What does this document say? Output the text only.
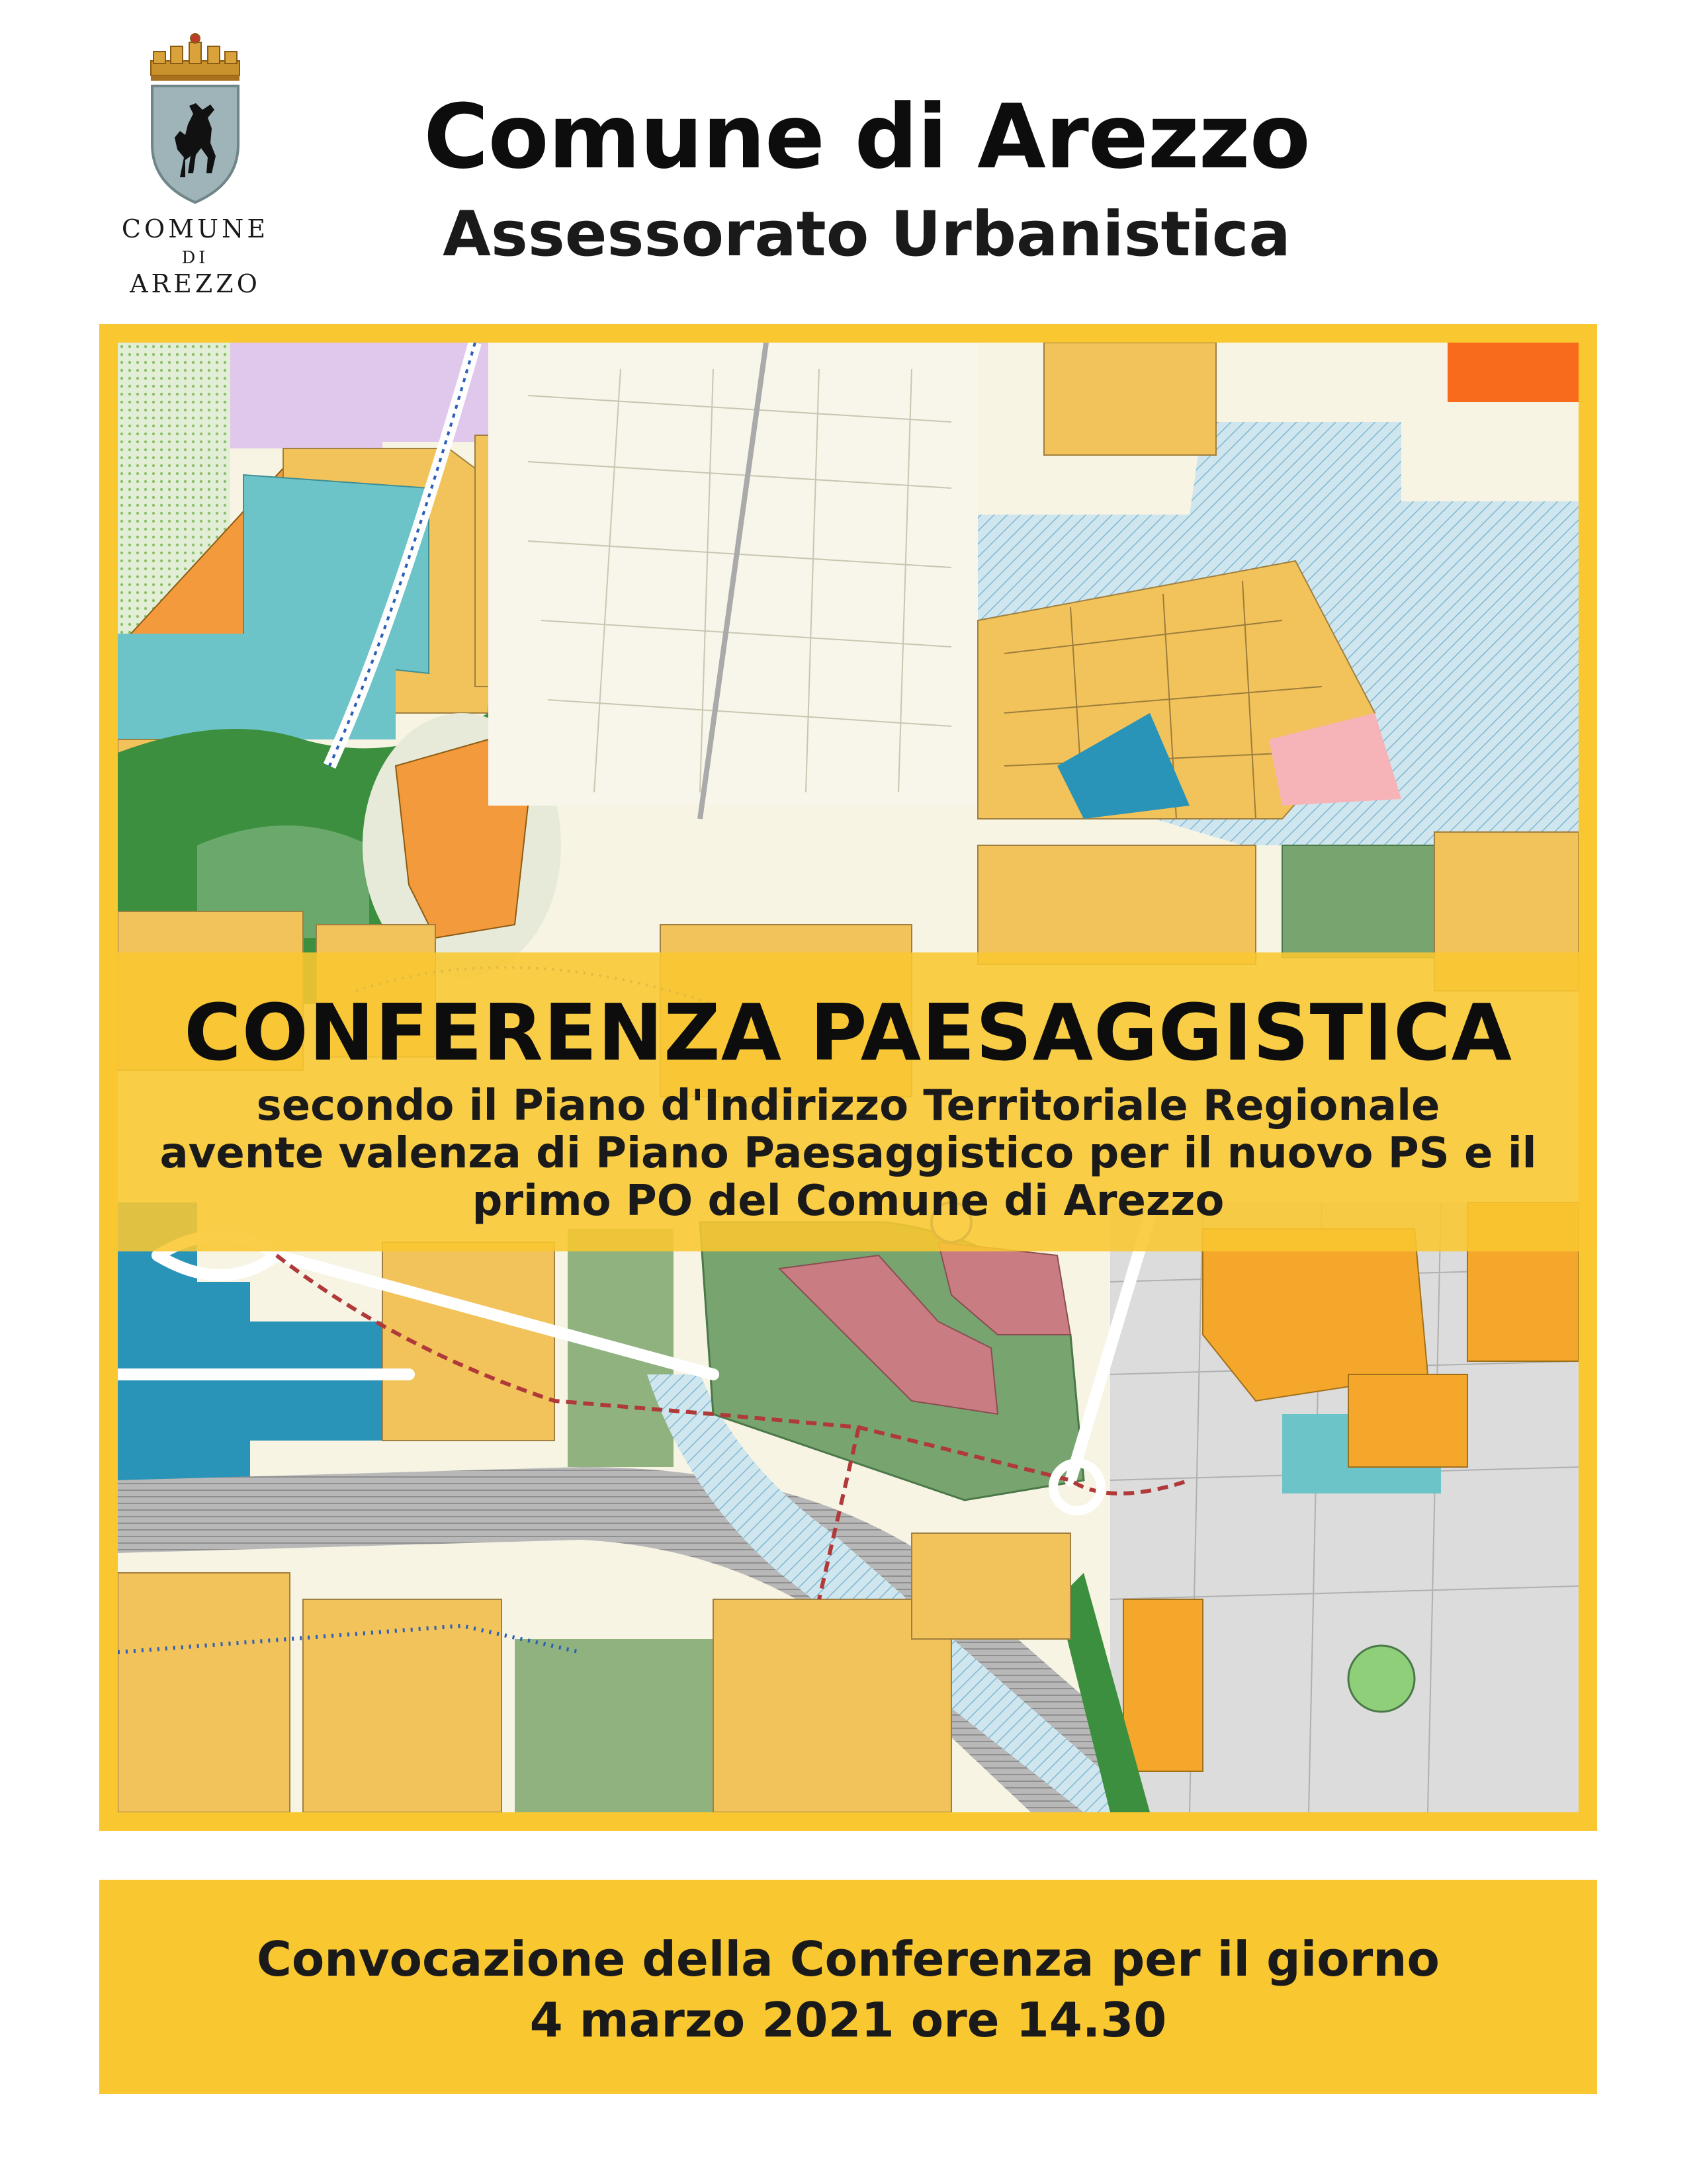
COMUNE
DI
AREZZO
Comune di Arezzo
Assessorato Urbanistica
CONFERENZA PAESAGGISTICA
secondo il Piano d'Indirizzo Territoriale Regionale
avente valenza di Piano Paesaggistico per il nuovo PS e il
primo PO del Comune di Arezzo
Convocazione della Conferenza per il giorno
4 marzo 2021 ore 14.30
